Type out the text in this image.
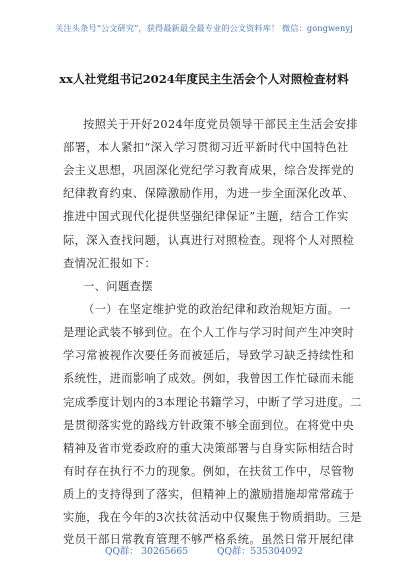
关注头条号“公文研究”，获得最新最全最专业的公文资料库！ 微信：gongwenyj
xx人社党组书记2024年度民主生活会个人对照检查材料
按照关于开好2024年度党员领导干部民主生活会安排
部署，本人紧扣“深入学习贯彻习近平新时代中国特色社
会主义思想，巩固深化党纪学习教育成果，综合发挥党的
纪律教育约束、保障激励作用，为进一步全面深化改革、
推进中国式现代化提供坚强纪律保证”主题，结合工作实
际，深入查找问题，认真进行对照检查。现将个人对照检
查情况汇报如下：
一、问题查摆
（一）在坚定维护党的政治纪律和政治规矩方面。一
是理论武装不够到位。在个人工作与学习时间产生冲突时
学习常被视作次要任务而被延后，导致学习缺乏持续性和
系统性，进而影响了成效。例如，我曾因工作忙碌而未能
完成季度计划内的3本理论书籍学习，中断了学习进度。二
是贯彻落实党的路线方针政策不够全面到位。在将党中央
精神及省市党委政府的重大决策部署与自身实际相结合时
有时存在执行不力的现象。例如，在扶贫工作中，尽管物
质上的支持得到了落实，但精神上的激励措施却常常疏于
实施，我在今年的3次扶贫活动中仅聚焦于物质捐助。三是
党员干部日常教育管理不够严格系统。虽然日常开展纪律
QQ群： 30265665	QQ群：535304092
